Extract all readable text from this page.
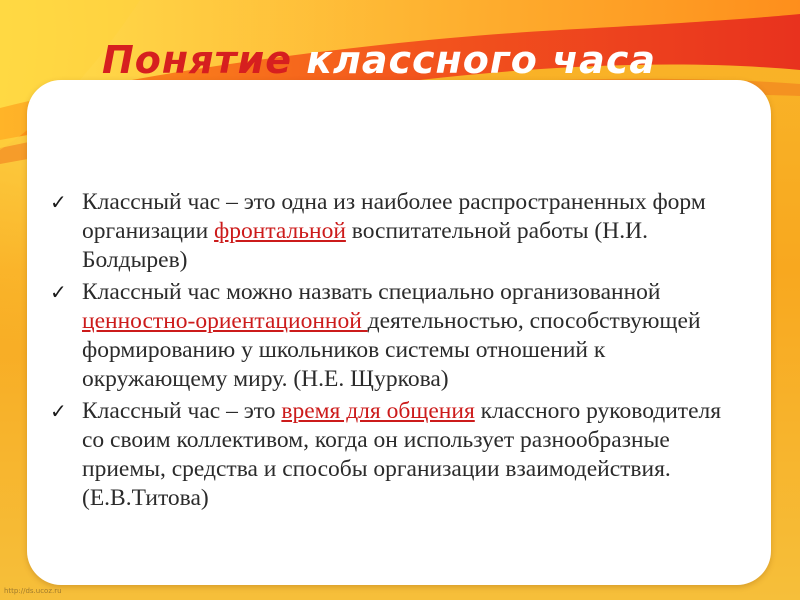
Понятие классного часа
✓ Классный час – это одна из наиболее распространенных форм организации фронтальной воспитательной работы (Н.И. Болдырев)
✓ Классный час можно назвать специально организованной ценностно-ориентационной деятельностью, способствующей формированию у школьников системы отношений к окружающему миру. (Н.Е. Щуркова)
✓ Классный час – это время для общения классного руководителя со своим коллективом, когда он использует разнообразные приемы, средства и способы организации взаимодействия. (Е.В.Титова)
http://ds.ucoz.ru
